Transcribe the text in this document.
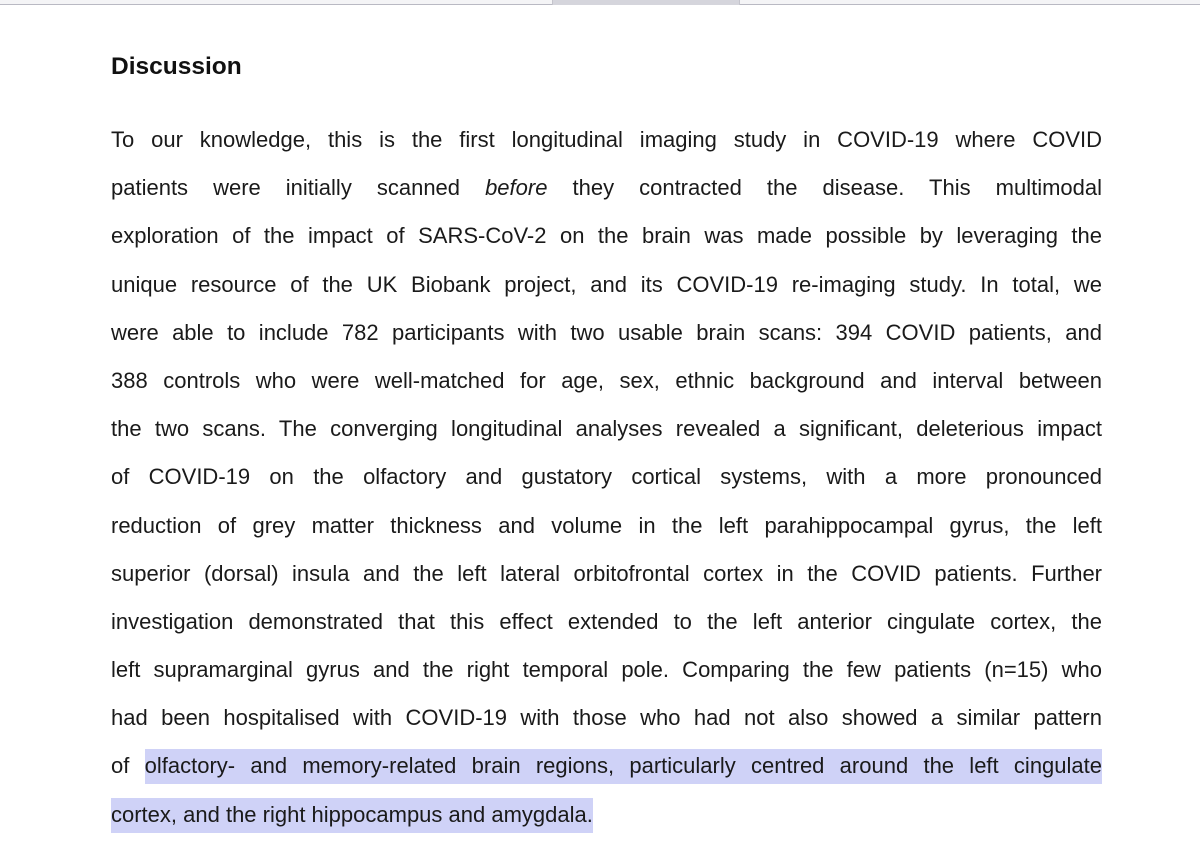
Discussion
To our knowledge, this is the first longitudinal imaging study in COVID-19 where COVID
patients were initially scanned before they contracted the disease. This multimodal
exploration of the impact of SARS-CoV-2 on the brain was made possible by leveraging the
unique resource of the UK Biobank project, and its COVID-19 re-imaging study. In total, we
were able to include 782 participants with two usable brain scans: 394 COVID patients, and
388 controls who were well-matched for age, sex, ethnic background and interval between
the two scans. The converging longitudinal analyses revealed a significant, deleterious impact
of COVID-19 on the olfactory and gustatory cortical systems, with a more pronounced
reduction of grey matter thickness and volume in the left parahippocampal gyrus, the left
superior (dorsal) insula and the left lateral orbitofrontal cortex in the COVID patients. Further
investigation demonstrated that this effect extended to the left anterior cingulate cortex, the
left supramarginal gyrus and the right temporal pole. Comparing the few patients (n=15) who
had been hospitalised with COVID-19 with those who had not also showed a similar pattern
of olfactory- and memory-related brain regions, particularly centred around the left cingulate
cortex, and the right hippocampus and amygdala.
